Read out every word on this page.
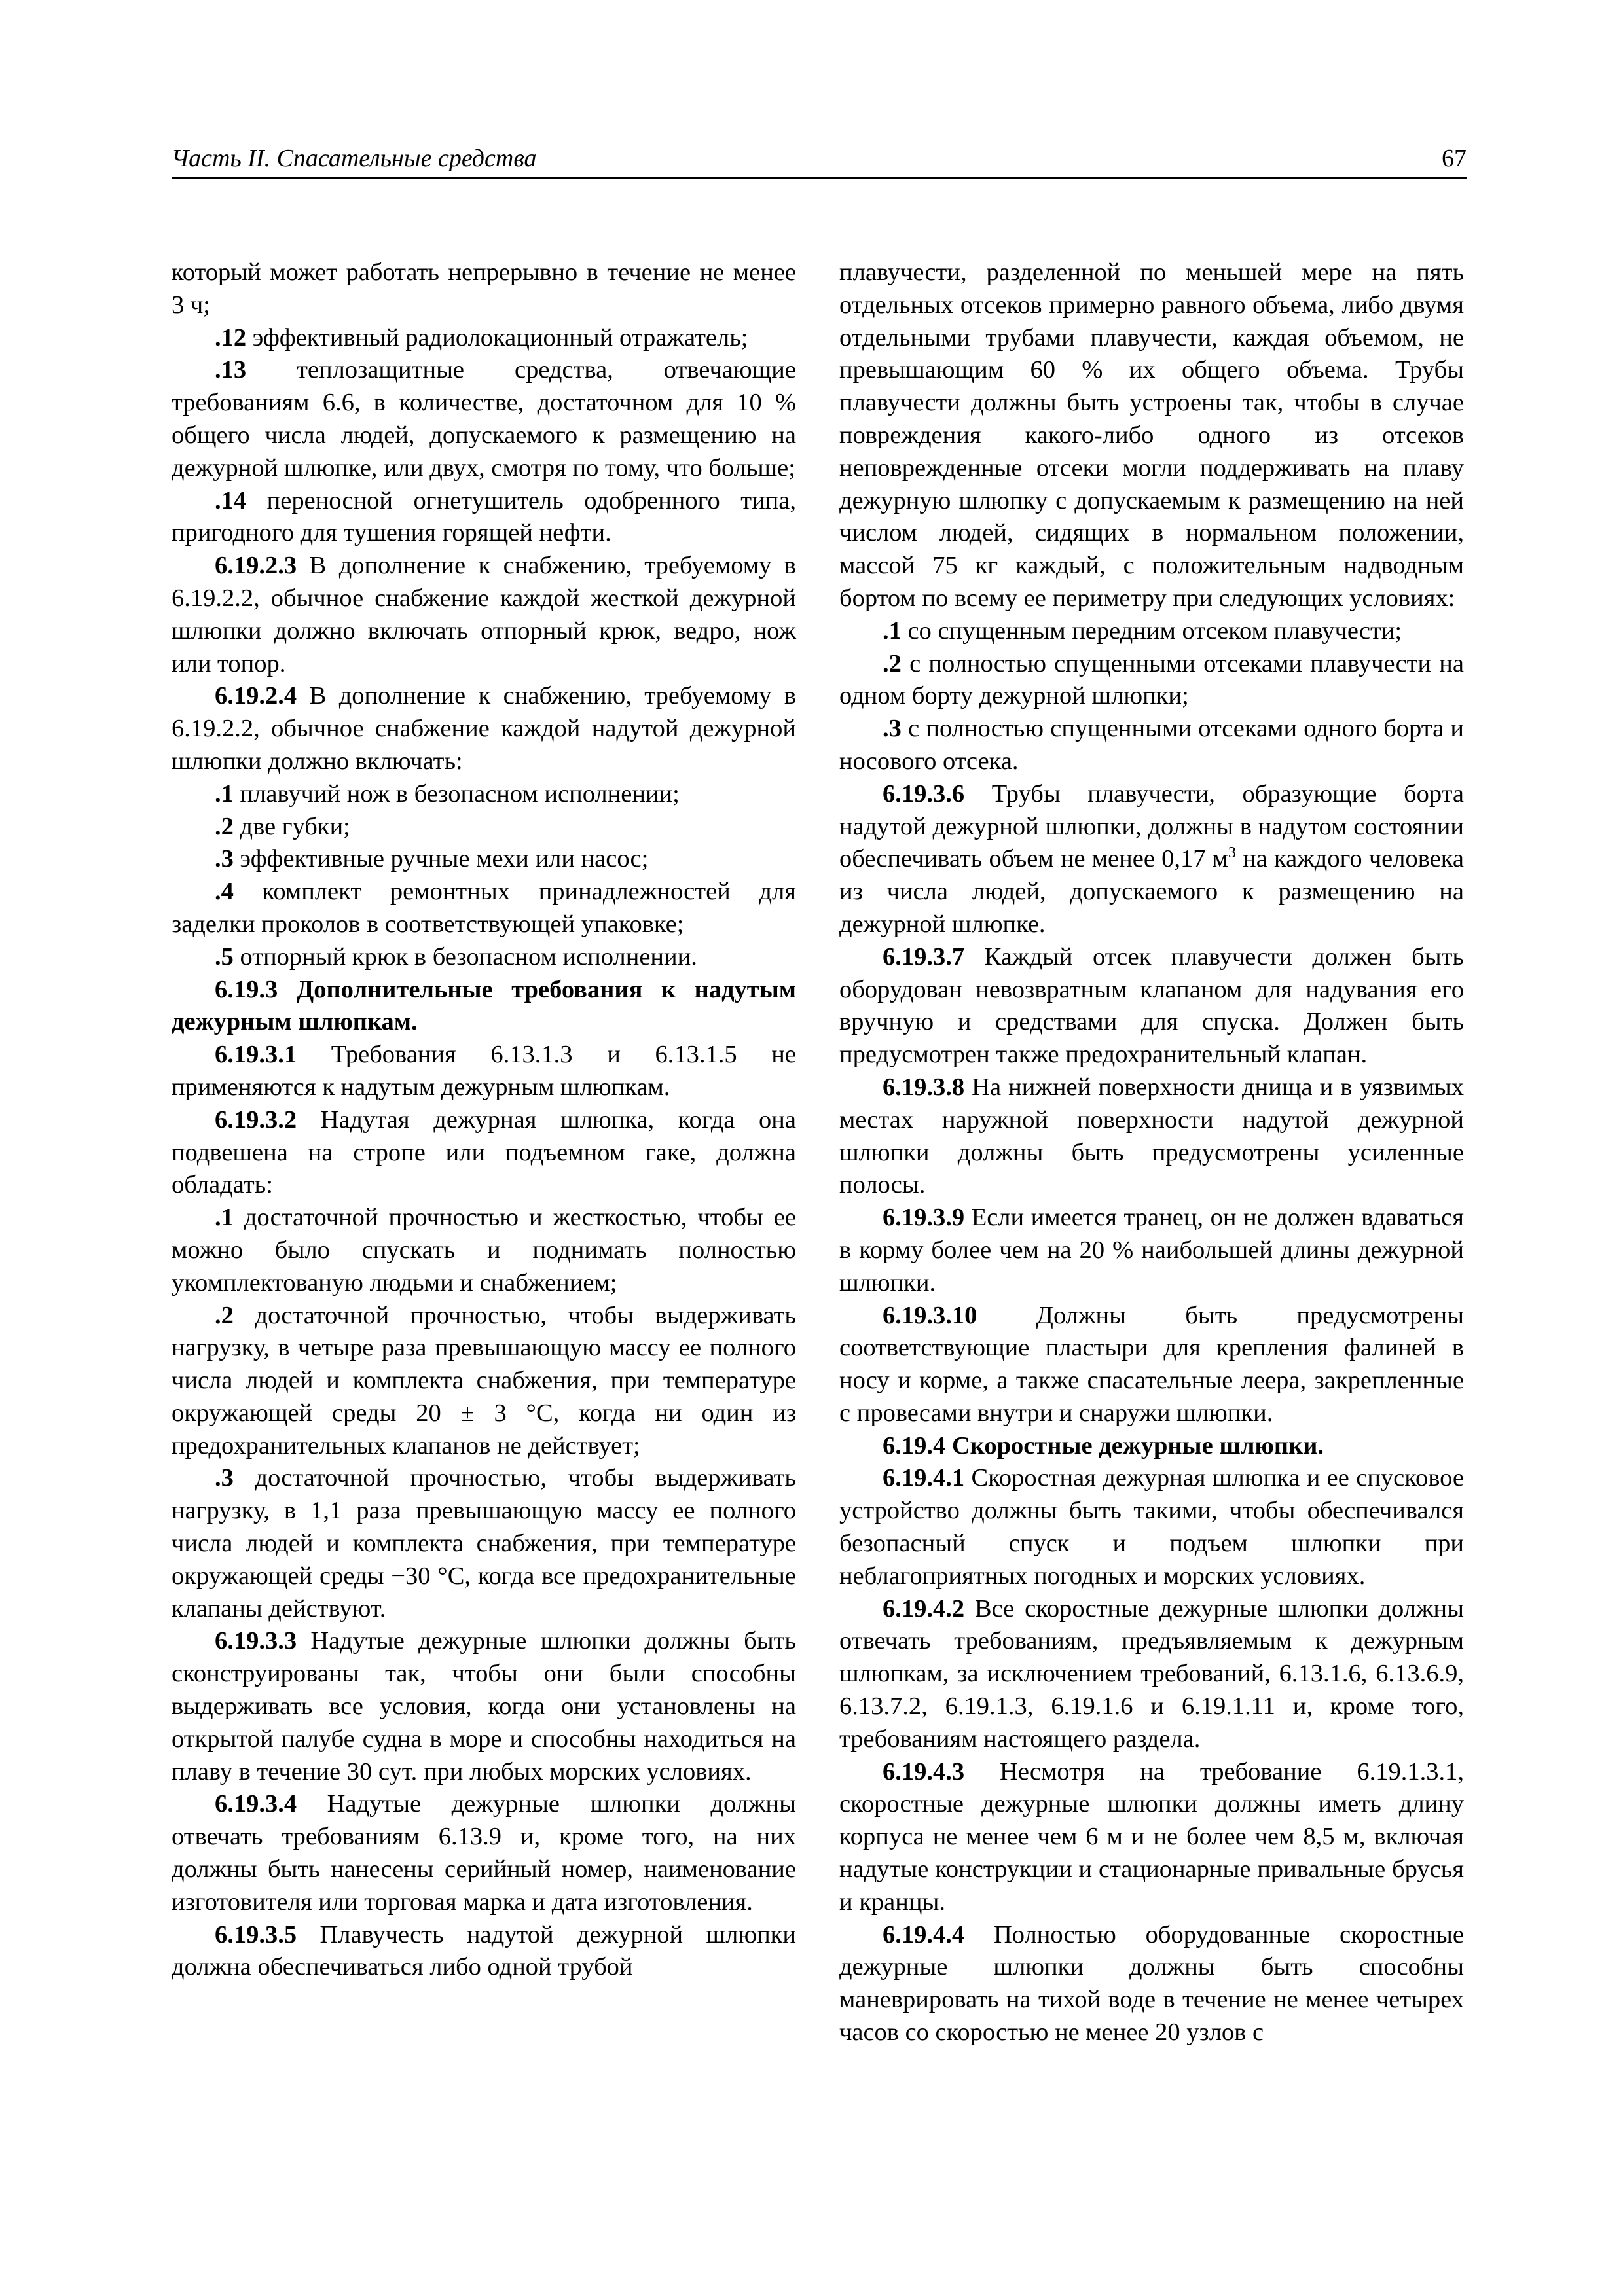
Часть II. Спасательные средства	67

который может работать непрерывно в течение не менее 3 ч;

.12 эффективный радиолокационный отражатель;

.13 теплозащитные средства, отвечающие требованиям 6.6, в количестве, достаточном для 10 % общего числа людей, допускаемого к размещению на дежурной шлюпке, или двух, смотря по тому, что больше;

.14 переносной огнетушитель одобренного типа, пригодного для тушения горящей нефти.

6.19.2.3 В дополнение к снабжению, требуемому в 6.19.2.2, обычное снабжение каждой жесткой дежурной шлюпки должно включать отпорный крюк, ведро, нож или топор.

6.19.2.4 В дополнение к снабжению, требуемому в 6.19.2.2, обычное снабжение каждой надутой дежурной шлюпки должно включать:

.1 плавучий нож в безопасном исполнении;

.2 две губки;

.3 эффективные ручные мехи или насос;

.4 комплект ремонтных принадлежностей для заделки проколов в соответствующей упаковке;

.5 отпорный крюк в безопасном исполнении.

6.19.3 Дополнительные требования к надутым дежурным шлюпкам.

6.19.3.1 Требования 6.13.1.3 и 6.13.1.5 не применяются к надутым дежурным шлюпкам.

6.19.3.2 Надутая дежурная шлюпка, когда она подвешена на стропе или подъемном гаке, должна обладать:

.1 достаточной прочностью и жесткостью, чтобы ее можно было спускать и поднимать полностью укомплектованую людьми и снабжением;

.2 достаточной прочностью, чтобы выдерживать нагрузку, в четыре раза превышающую массу ее полного числа людей и комплекта снабжения, при температуре окружающей среды 20 ± 3 °С, когда ни один из предохранительных клапанов не действует;

.3 достаточной прочностью, чтобы выдерживать нагрузку, в 1,1 раза превышающую массу ее полного числа людей и комплекта снабжения, при температуре окружающей среды −30 °С, когда все предохранительные клапаны действуют.

6.19.3.3 Надутые дежурные шлюпки должны быть сконструированы так, чтобы они были способны выдерживать все условия, когда они установлены на открытой палубе судна в море и способны находиться на плаву в течение 30 сут. при любых морских условиях.

6.19.3.4 Надутые дежурные шлюпки должны отвечать требованиям 6.13.9 и, кроме того, на них должны быть нанесены серийный номер, наименование изготовителя или торговая марка и дата изготовления.

6.19.3.5 Плавучесть надутой дежурной шлюпки должна обеспечиваться либо одной трубой

плавучести, разделенной по меньшей мере на пять отдельных отсеков примерно равного объема, либо двумя отдельными трубами плавучести, каждая объемом, не превышающим 60 % их общего объема. Трубы плавучести должны быть устроены так, чтобы в случае повреждения какого-либо одного из отсеков неповрежденные отсеки могли поддерживать на плаву дежурную шлюпку с допускаемым к размещению на ней числом людей, сидящих в нормальном положении, массой 75 кг каждый, с положительным надводным бортом по всему ее периметру при следующих условиях:

.1 со спущенным передним отсеком плавучести;

.2 с полностью спущенными отсеками плавучести на одном борту дежурной шлюпки;

.3 с полностью спущенными отсеками одного борта и носового отсека.

6.19.3.6 Трубы плавучести, образующие борта надутой дежурной шлюпки, должны в надутом состоянии обеспечивать объем не менее 0,17 $м^3$ на каждого человека из числа людей, допускаемого к размещению на дежурной шлюпке.

6.19.3.7 Каждый отсек плавучести должен быть оборудован невозвратным клапаном для надувания его вручную и средствами для спуска. Должен быть предусмотрен также предохранительный клапан.

6.19.3.8 На нижней поверхности днища и в уязвимых местах наружной поверхности надутой дежурной шлюпки должны быть предусмотрены усиленные полосы.

6.19.3.9 Если имеется транец, он не должен вдаваться в корму более чем на 20 % наибольшей длины дежурной шлюпки.

6.19.3.10 Должны быть предусмотрены соответствующие пластыри для крепления фалиней в носу и корме, а также спасательные леера, закрепленные с провесами внутри и снаружи шлюпки.

6.19.4 Скоростные дежурные шлюпки.

6.19.4.1 Скоростная дежурная шлюпка и ее спусковое устройство должны быть такими, чтобы обеспечивался безопасный спуск и подъем шлюпки при неблагоприятных погодных и морских условиях.

6.19.4.2 Все скоростные дежурные шлюпки должны отвечать требованиям, предъявляемым к дежурным шлюпкам, за исключением требований, 6.13.1.6, 6.13.6.9, 6.13.7.2, 6.19.1.3, 6.19.1.6 и 6.19.1.11 и, кроме того, требованиям настоящего раздела.

6.19.4.3 Несмотря на требование 6.19.1.3.1, скоростные дежурные шлюпки должны иметь длину корпуса не менее чем 6 м и не более чем 8,5 м, включая надутые конструкции и стационарные привальные брусья и кранцы.

6.19.4.4 Полностью оборудованные скоростные дежурные шлюпки должны быть способны маневрировать на тихой воде в течение не менее четырех часов со скоростью не менее 20 узлов с
